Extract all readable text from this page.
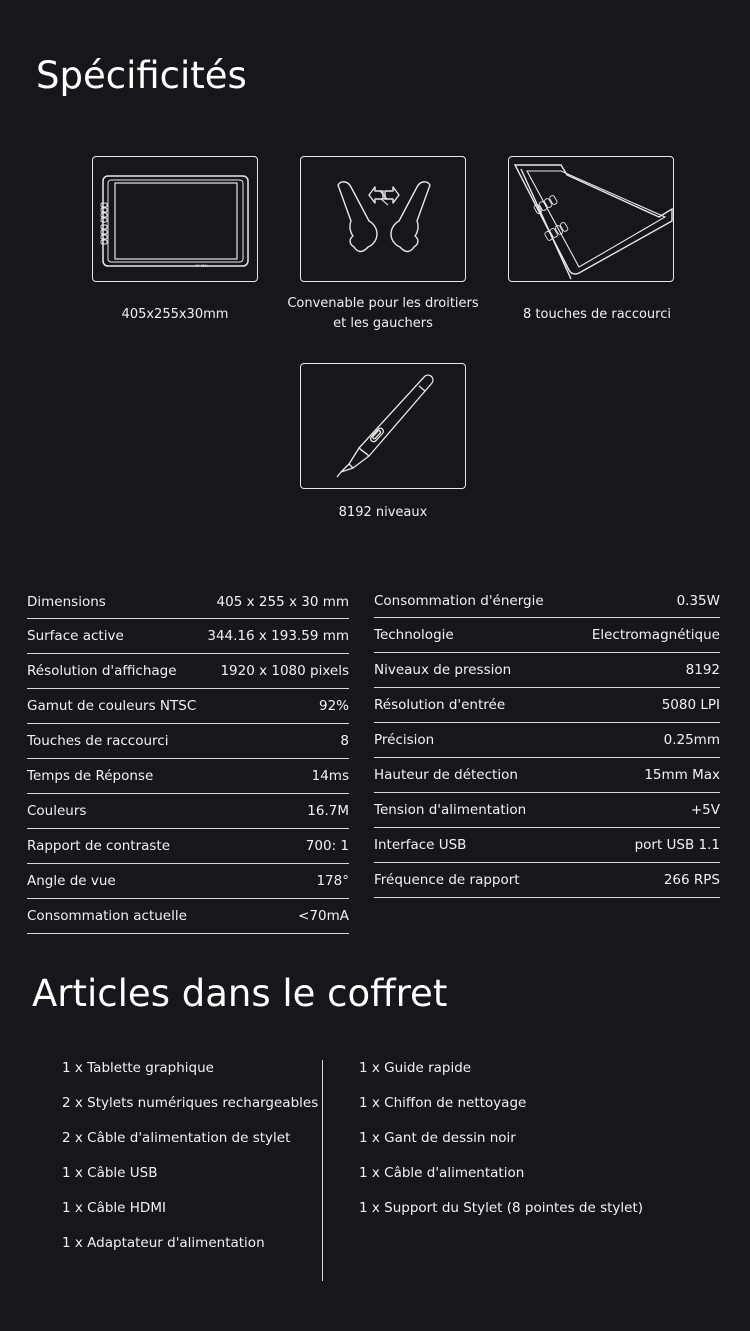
Spécificités
XP-PEN
405x255x30mm
Convenable pour les droitiers et les gauchers
8 touches de raccourci
8192 niveaux
Dimensions	405 x 255 x 30 mm
Surface active	344.16 x 193.59 mm
Résolution d'affichage	1920 x 1080 pixels
Gamut de couleurs NTSC	92%
Touches de raccourci	8
Temps de Réponse	14ms
Couleurs	16.7M
Rapport de contraste	700: 1
Angle de vue	178°
Consommation actuelle	<70mA
Consommation d'énergie	0.35W
Technologie	Electromagnétique
Niveaux de pression	8192
Résolution d'entrée	5080 LPI
Précision	0.25mm
Hauteur de détection	15mm Max
Tension d'alimentation	+5V
Interface USB	port USB 1.1
Fréquence de rapport	266 RPS
Articles dans le coffret
1 x Tablette graphique
2 x Stylets numériques rechargeables
2 x Câble d'alimentation de stylet
1 x Câble USB
1 x Câble HDMI
1 x Adaptateur d'alimentation
1 x Guide rapide
1 x Chiffon de nettoyage
1 x Gant de dessin noir
1 x Câble d'alimentation
1 x Support du Stylet (8 pointes de stylet)
